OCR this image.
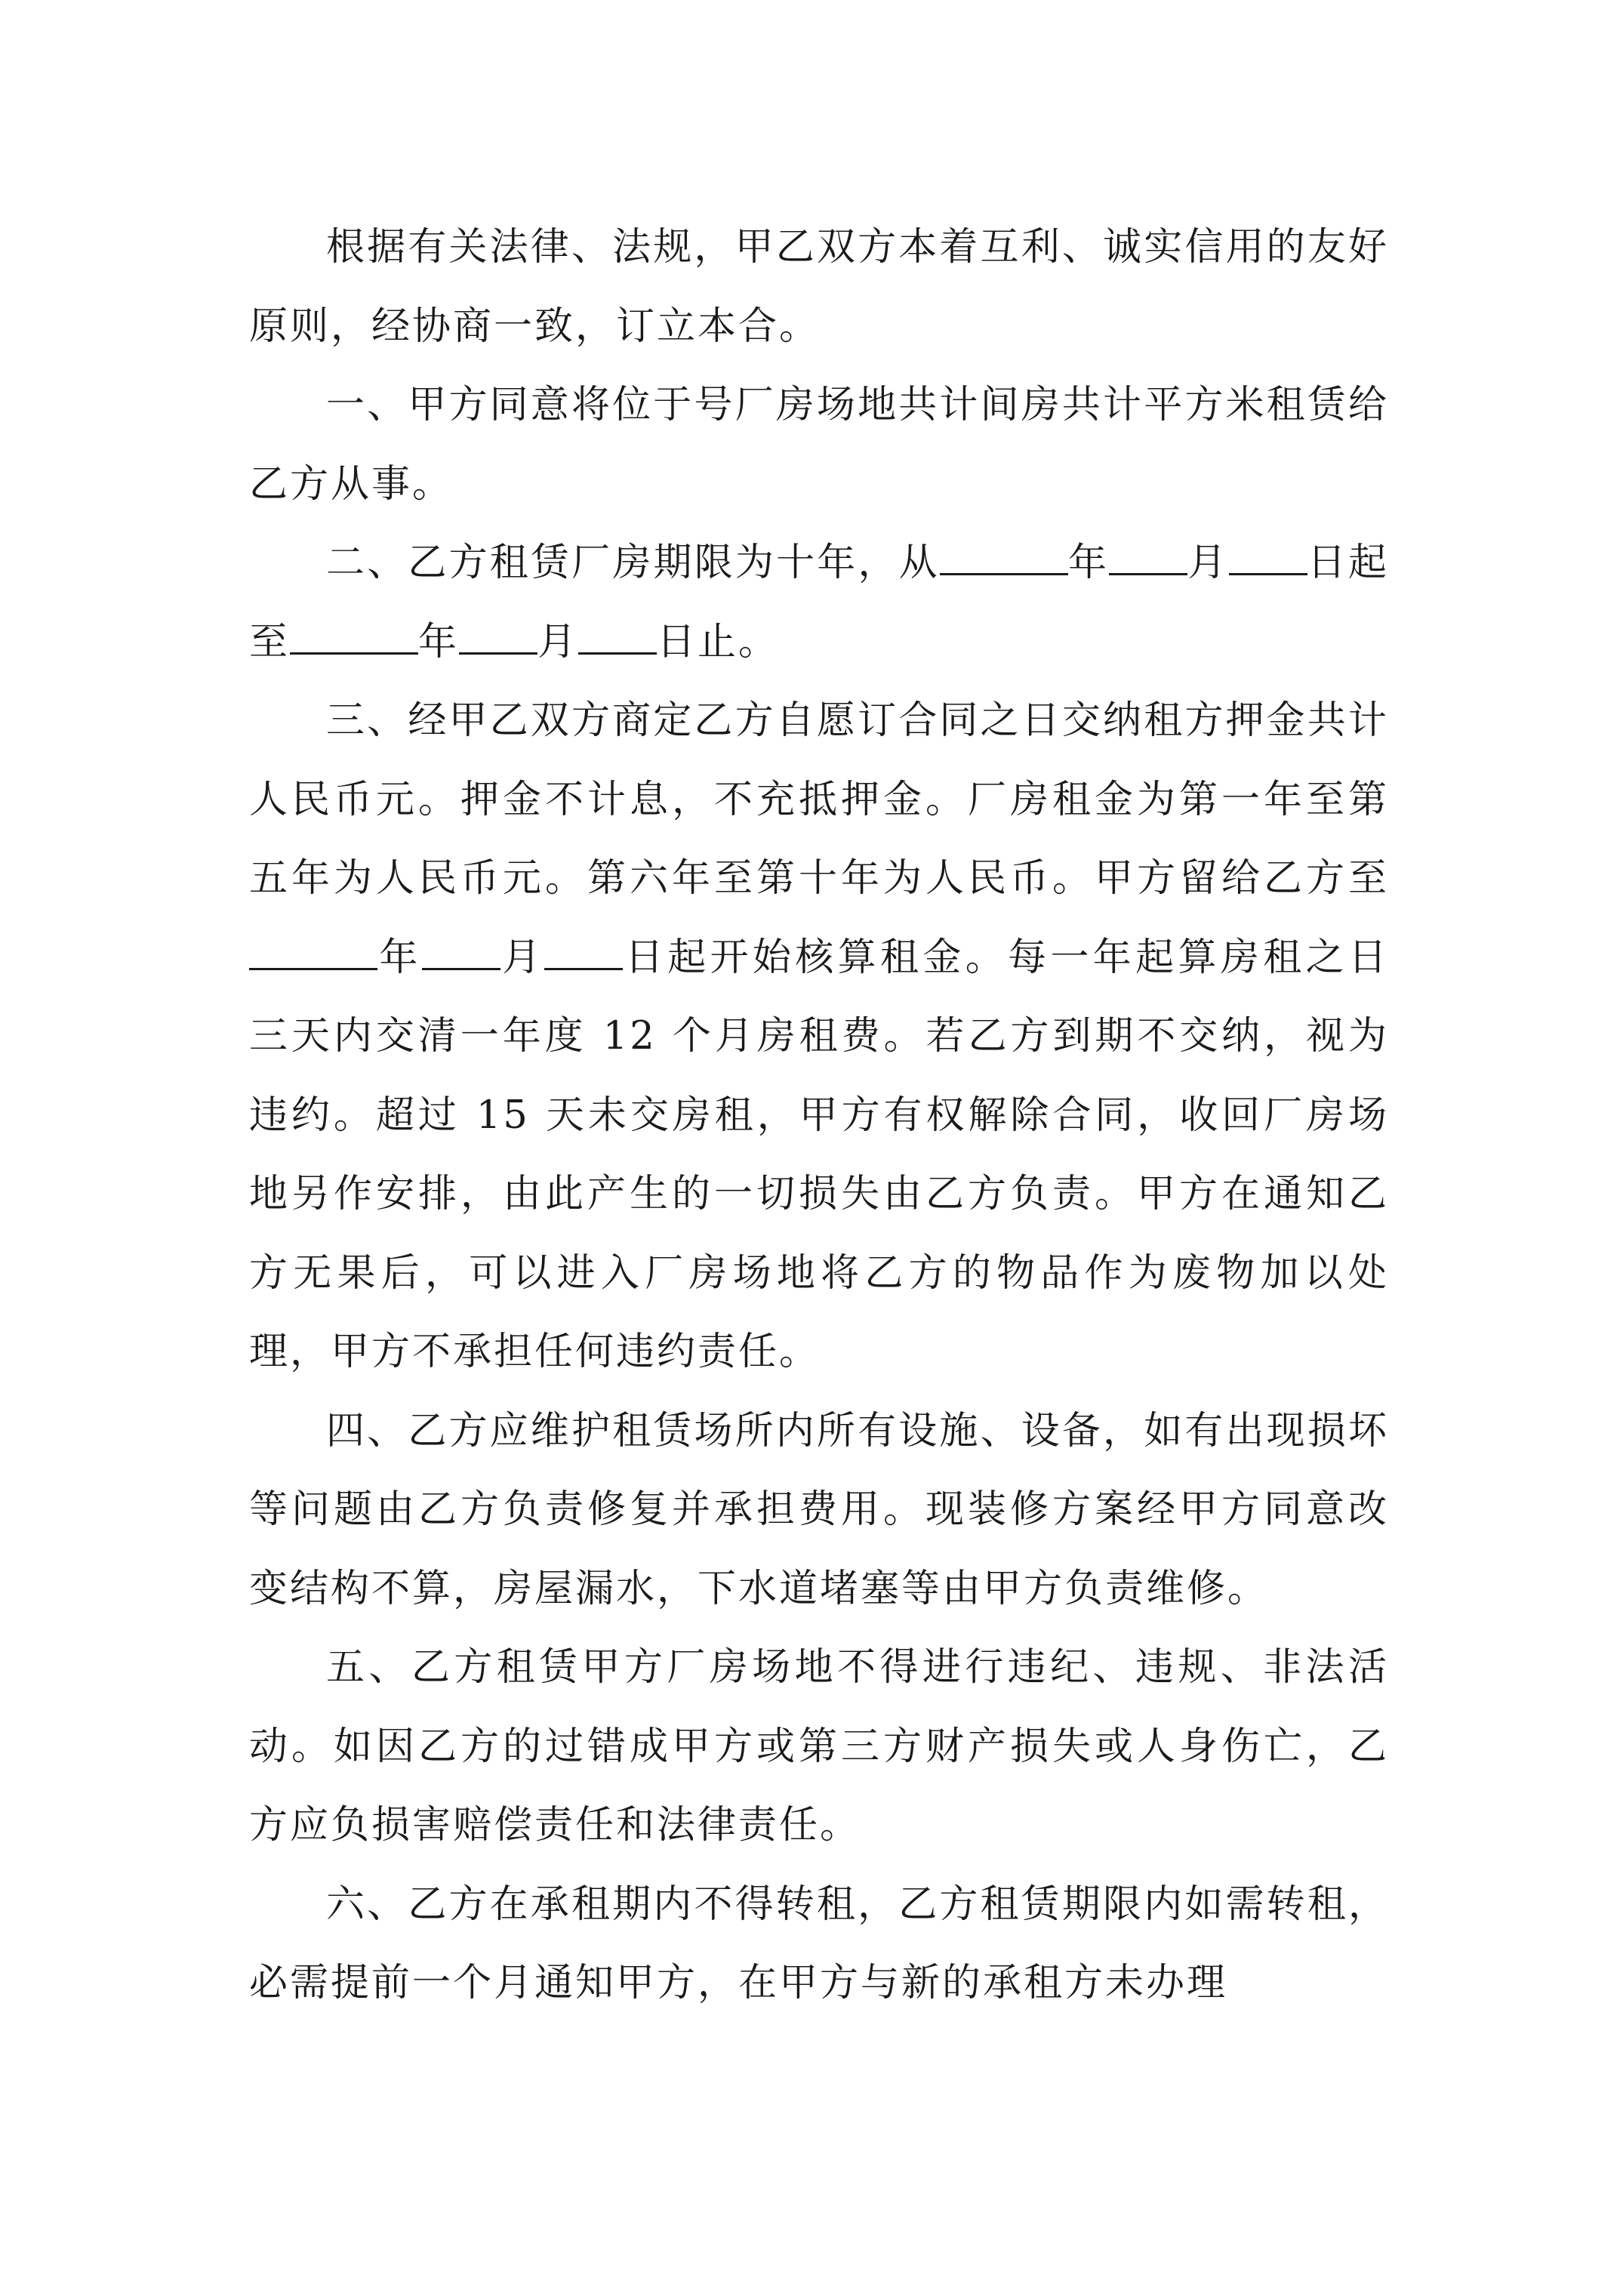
根据有关法律、法规，甲乙双方本着互利、诚实信用的友好原则，经协商一致，订立本合。

一、甲方同意将位于号厂房场地共计间房共计平方米租赁给乙方从事。

二、乙方租赁厂房期限为十年，从	年 月 日起至	年 月 日止。

三、经甲乙双方商定乙方自愿订合同之日交纳租方押金共计人民币元。押金不计息，不充抵押金。厂房租金为第一年至第五年为人民币元。第六年至第十年为人民币。甲方留给乙方至年 月 日起开始核算租金。每一年起算房租之日三天内交清一年度 12 个月房租费。若乙方到期不交纳，视为违约。超过 15 天未交房租，甲方有权解除合同，收回厂房场地另作安排，由此产生的一切损失由乙方负责。甲方在通知乙方无果后，可以进入厂房场地将乙方的物品作为废物加以处理，甲方不承担任何违约责任。

四、乙方应维护租赁场所内所有设施、设备，如有出现损坏等问题由乙方负责修复并承担费用。现装修方案经甲方同意改变结构不算，房屋漏水，下水道堵塞等由甲方负责维修。

五、乙方租赁甲方厂房场地不得进行违纪、违规、非法活动。如因乙方的过错成甲方或第三方财产损失或人身伤亡，乙方应负损害赔偿责任和法律责任。

六、乙方在承租期内不得转租，乙方租赁期限内如需转租，必需提前一个月通知甲方，在甲方与新的承租方未办理
